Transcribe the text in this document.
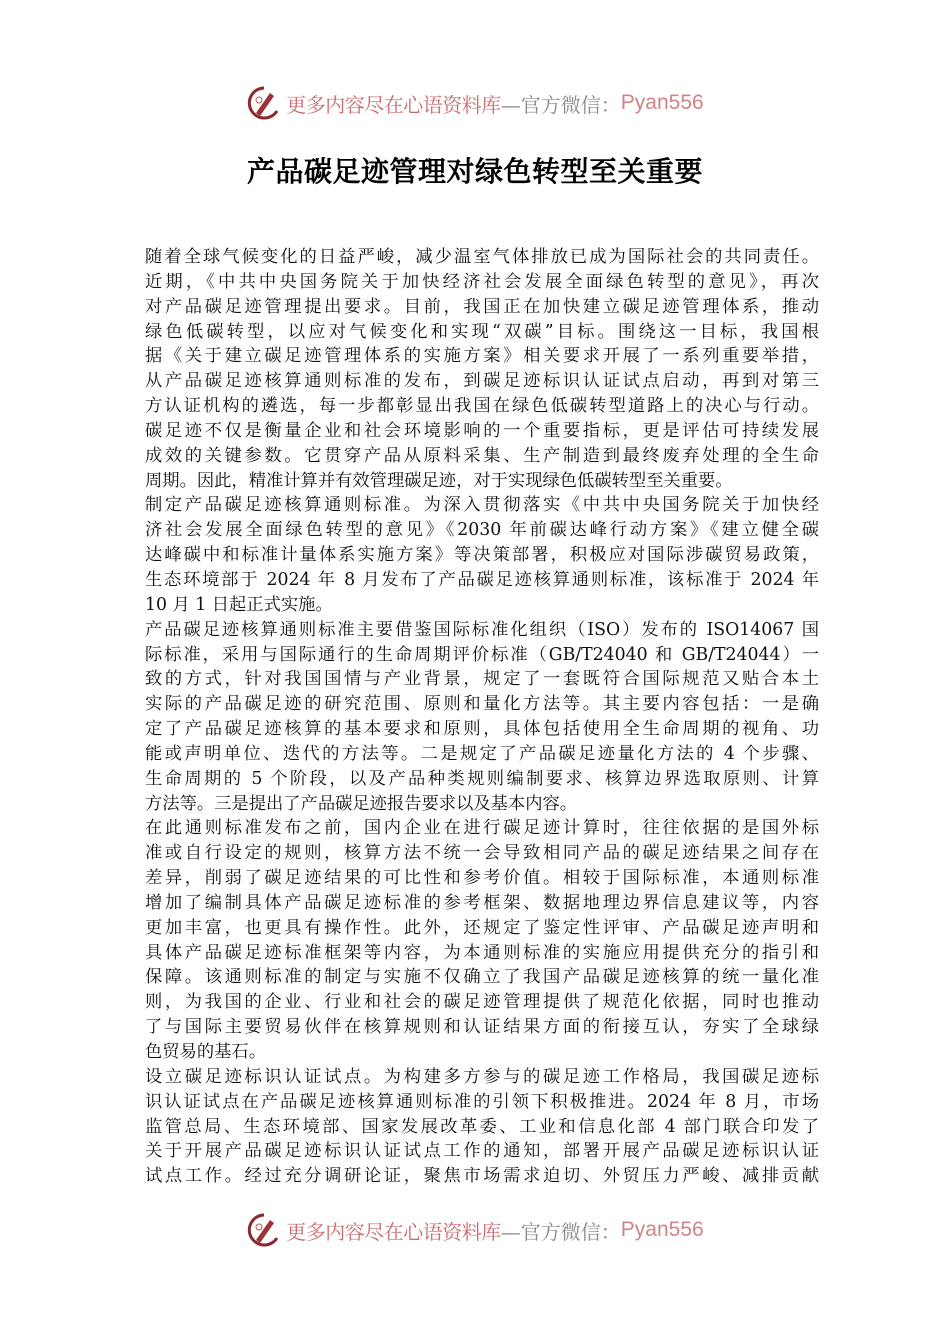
更多内容尽在心语资料库 —官方微信： Pyan556
产品碳足迹管理对绿色转型至关重要
随着全球气候变化的日益严峻，减少温室气体排放已成为国际社会的共同责任。
近期，《中共中央国务院关于加快经济社会发展全面绿色转型的意见》，再次
对产品碳足迹管理提出要求。目前，我国正在加快建立碳足迹管理体系，推动
绿色低碳转型，以应对气候变化和实现“双碳”目标。围绕这一目标，我国根
据《关于建立碳足迹管理体系的实施方案》相关要求开展了一系列重要举措，
从产品碳足迹核算通则标准的发布，到碳足迹标识认证试点启动，再到对第三
方认证机构的遴选，每一步都彰显出我国在绿色低碳转型道路上的决心与行动。
碳足迹不仅是衡量企业和社会环境影响的一个重要指标，更是评估可持续发展
成效的关键参数。它贯穿产品从原料采集、生产制造到最终废弃处理的全生命
周期。因此，精准计算并有效管理碳足迹，对于实现绿色低碳转型至关重要。
制定产品碳足迹核算通则标准。为深入贯彻落实《中共中央国务院关于加快经
济社会发展全面绿色转型的意见》《2030 年前碳达峰行动方案》《建立健全碳
达峰碳中和标准计量体系实施方案》等决策部署，积极应对国际涉碳贸易政策，
生态环境部于 2024 年 8 月发布了产品碳足迹核算通则标准，该标准于 2024 年
10 月 1 日起正式实施。
产品碳足迹核算通则标准主要借鉴国际标准化组织（ISO）发布的 ISO14067 国
际标准，采用与国际通行的生命周期评价标准（GB/T24040 和 GB/T24044）一
致的方式，针对我国国情与产业背景，规定了一套既符合国际规范又贴合本土
实际的产品碳足迹的研究范围、原则和量化方法等。其主要内容包括：一是确
定了产品碳足迹核算的基本要求和原则，具体包括使用全生命周期的视角、功
能或声明单位、迭代的方法等。二是规定了产品碳足迹量化方法的 4 个步骤、
生命周期的 5 个阶段，以及产品种类规则编制要求、核算边界选取原则、计算
方法等。三是提出了产品碳足迹报告要求以及基本内容。
在此通则标准发布之前，国内企业在进行碳足迹计算时，往往依据的是国外标
准或自行设定的规则，核算方法不统一会导致相同产品的碳足迹结果之间存在
差异，削弱了碳足迹结果的可比性和参考价值。相较于国际标准，本通则标准
增加了编制具体产品碳足迹标准的参考框架、数据地理边界信息建议等，内容
更加丰富，也更具有操作性。此外，还规定了鉴定性评审、产品碳足迹声明和
具体产品碳足迹标准框架等内容，为本通则标准的实施应用提供充分的指引和
保障。该通则标准的制定与实施不仅确立了我国产品碳足迹核算的统一量化准
则，为我国的企业、行业和社会的碳足迹管理提供了规范化依据，同时也推动
了与国际主要贸易伙伴在核算规则和认证结果方面的衔接互认，夯实了全球绿
色贸易的基石。
设立碳足迹标识认证试点。为构建多方参与的碳足迹工作格局，我国碳足迹标
识认证试点在产品碳足迹核算通则标准的引领下积极推进。2024 年 8 月，市场
监管总局、生态环境部、国家发展改革委、工业和信息化部 4 部门联合印发了
关于开展产品碳足迹标识认证试点工作的通知，部署开展产品碳足迹标识认证
试点工作。经过充分调研论证，聚焦市场需求迫切、外贸压力严峻、减排贡献
更多内容尽在心语资料库 —官方微信： Pyan556
